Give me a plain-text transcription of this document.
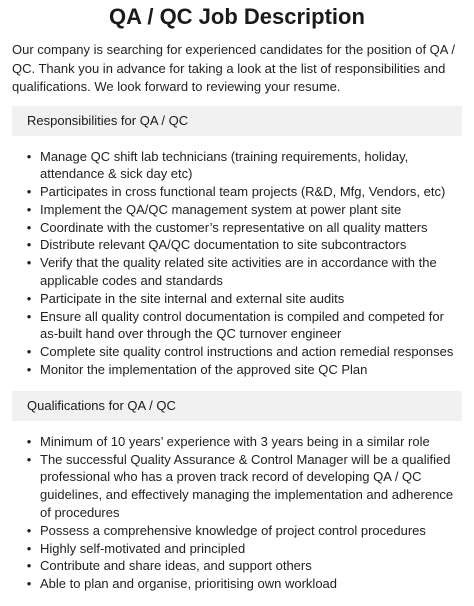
QA / QC Job Description

Our company is searching for experienced candidates for the position of QA / QC. Thank you in advance for taking a look at the list of responsibilities and qualifications. We look forward to reviewing your resume.

Responsibilities for QA / QC
• Manage QC shift lab technicians (training requirements, holiday, attendance & sick day etc)
• Participates in cross functional team projects (R&D, Mfg, Vendors, etc)
• Implement the QA/QC management system at power plant site
• Coordinate with the customer’s representative on all quality matters
• Distribute relevant QA/QC documentation to site subcontractors
• Verify that the quality related site activities are in accordance with the applicable codes and standards
• Participate in the site internal and external site audits
• Ensure all quality control documentation is compiled and competed for as-built hand over through the QC turnover engineer
• Complete site quality control instructions and action remedial responses
• Monitor the implementation of the approved site QC Plan
Qualifications for QA / QC
• Minimum of 10 years’ experience with 3 years being in a similar role
• The successful Quality Assurance & Control Manager will be a qualified professional who has a proven track record of developing QA / QC guidelines, and effectively managing the implementation and adherence of procedures
• Possess a comprehensive knowledge of project control procedures
• Highly self-motivated and principled
• Contribute and share ideas, and support others
• Able to plan and organise, prioritising own workload
